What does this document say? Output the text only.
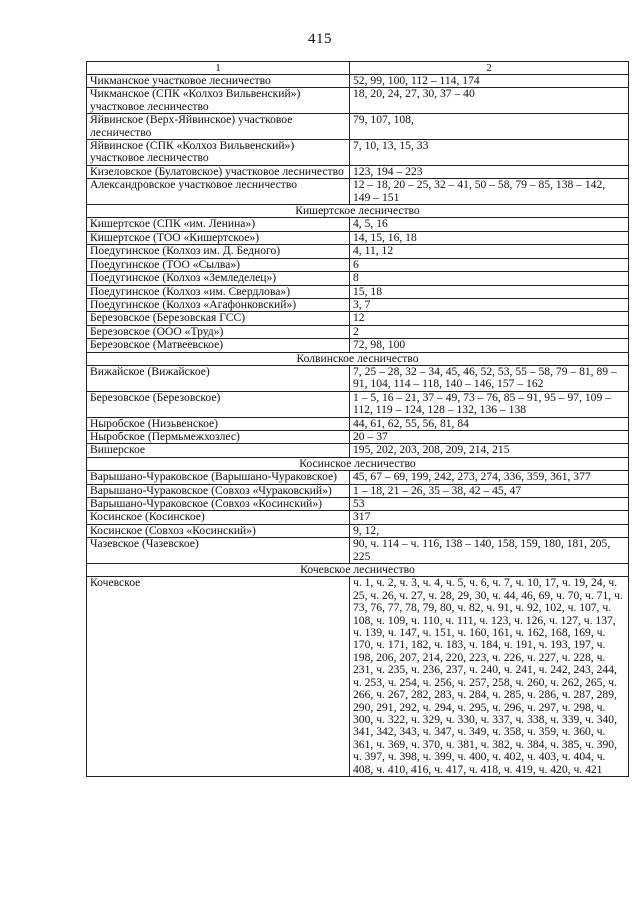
415
1	2
Чикманское участковое лесничество	52, 99, 100, 112 – 114, 174
Чикманское (СПК «Колхоз Вильвенский») участковое лесничество	18, 20, 24, 27, 30, 37 – 40
Яйвинское (Верх-Яйвинское) участковое лесничество	79, 107, 108,
Яйвинское (СПК «Колхоз Вильвенский») участковое лесничество	7, 10, 13, 15, 33
Кизеловское (Булатовское) участковое лесничество	123, 194 – 223
Александровское участковое лесничество	12 – 18, 20 – 25, 32 – 41, 50 – 58, 79 – 85, 138 – 142, 149 – 151
Кишертское лесничество	
Кишертское (СПК «им. Ленина»)	4, 5, 16
Кишертское (ТОО «Кишертское»)	14, 15, 16, 18
Поедугинское (Колхоз им. Д. Бедного)	4, 11, 12
Поедугинское (ТОО «Сылва»)	6
Поедугинское (Колхоз «Земледелец»)	8
Поедугинское (Колхоз «им. Свердлова»)	15, 18
Поедугинское (Колхоз «Агафонковский»)	3, 7
Березовское (Березовская ГСС)	12
Березовское (ООО «Труд»)	2
Березовское (Матвеевское)	72, 98, 100
Колвинское лесничество	
Вижайское (Вижайское)	7, 25 – 28, 32 – 34, 45, 46, 52, 53, 55 – 58, 79 – 81, 89 – 91, 104, 114 – 118, 140 – 146, 157 – 162
Березовское (Березовское)	1 – 5, 16 – 21, 37 – 49, 73 – 76, 85 – 91, 95 – 97, 109 – 112, 119 – 124, 128 – 132, 136 – 138
Ныробское (Низьвенское)	44, 61, 62, 55, 56, 81, 84
Ныробское (Пермьмежхозлес)	20 – 37
Вишерское	195, 202, 203, 208, 209, 214, 215
Косинское лесничество	
Варышано-Чураковское (Варышано-Чураковское)	45, 67 – 69, 199, 242, 273, 274, 336, 359, 361, 377
Варышано-Чураковское (Совхоз «Чураковский»)	1 – 18, 21 – 26, 35 – 38, 42 – 45, 47
Варышано-Чураковское (Совхоз «Косинский»)	53
Косинское (Косинское)	317
Косинское (Совхоз «Косинский»)	9, 12,
Чазевское (Чазевское)	90, ч. 114 – ч. 116, 138 – 140, 158, 159, 180, 181, 205, 225
Кочевское лесничество	
Кочевское	ч. 1, ч. 2, ч. 3, ч. 4, ч. 5, ч. 6, ч. 7, ч. 10, 17, ч. 19, 24, ч. 25, ч. 26, ч. 27, ч. 28, 29, 30, ч. 44, 46, 69, ч. 70, ч. 71, ч. 73, 76, 77, 78, 79, 80, ч. 82, ч. 91, ч. 92, 102, ч. 107, ч. 108, ч. 109, ч. 110, ч. 111, ч. 123, ч. 126, ч. 127, ч. 137, ч. 139, ч. 147, ч. 151, ч. 160, 161, ч. 162, 168, 169, ч. 170, ч. 171, 182, ч. 183, ч. 184, ч. 191, ч. 193, 197, ч. 198, 206, 207, 214, 220, 223, ч. 226, ч. 227, ч. 228, ч. 231, ч. 235, ч. 236, 237, ч. 240, ч. 241, ч. 242, 243, 244, ч. 253, ч. 254, ч. 256, ч. 257, 258, ч. 260, ч. 262, 265, ч. 266, ч. 267, 282, 283, ч. 284, ч. 285, ч. 286, ч. 287, 289, 290, 291, 292, ч. 294, ч. 295, ч. 296, ч. 297, ч. 298, ч. 300, ч. 322, ч. 329, ч. 330, ч. 337, ч. 338, ч. 339, ч. 340, 341, 342, 343, ч. 347, ч. 349, ч. 358, ч. 359, ч. 360, ч. 361, ч. 369, ч. 370, ч. 381, ч. 382, ч. 384, ч. 385, ч. 390, ч. 397, ч. 398, ч. 399, ч. 400, ч. 402, ч. 403, ч. 404, ч. 408, ч. 410, 416, ч. 417, ч. 418, ч. 419, ч. 420, ч. 421
